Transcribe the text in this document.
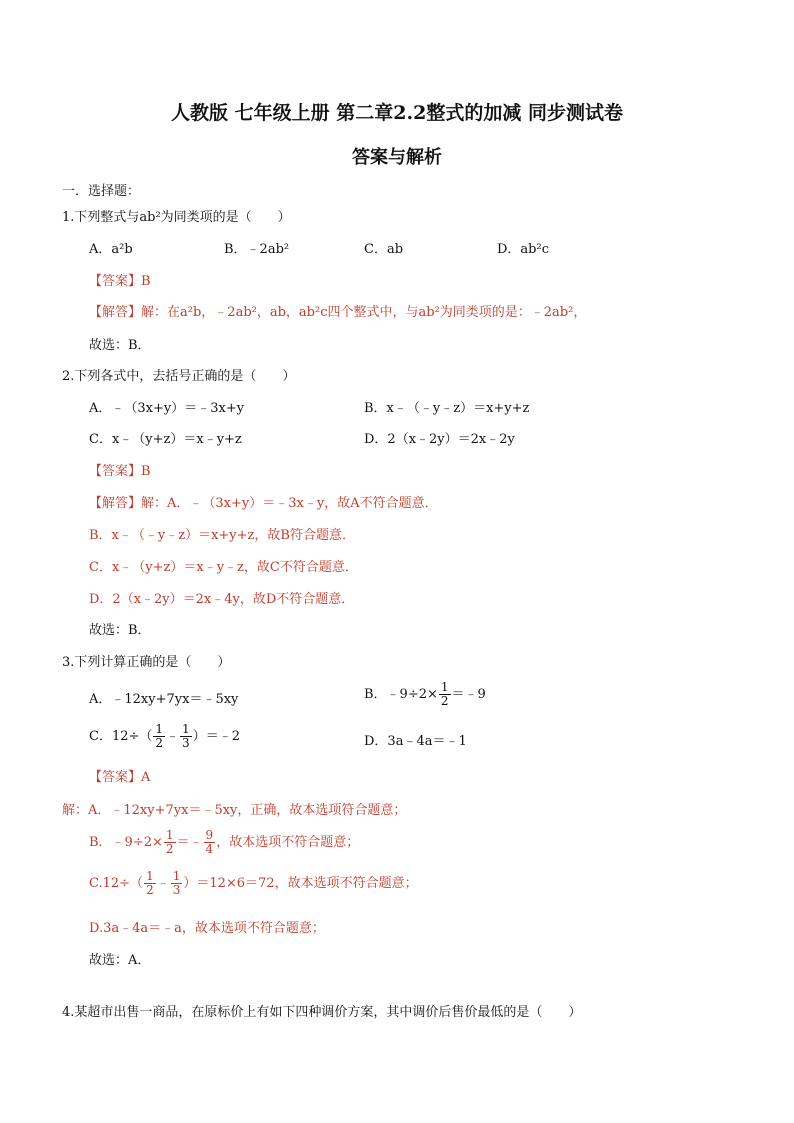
人教版 七年级上册 第二章2.2整式的加减 同步测试卷
答案与解析
一．选择题：
1.下列整式与ab²为同类项的是（　　）
A．a²b	B．﹣2ab²	C．ab	D．ab²c
【答案】B
【解答】解：在a²b，﹣2ab²，ab，ab²c四个整式中，与ab²为同类项的是：﹣2ab²，
故选：B．
2.下列各式中，去括号正确的是（　　）
A．﹣（3x+y）＝﹣3x+y	B．x﹣（﹣y﹣z）＝x+y+z
C．x﹣（y+z）＝x﹣y+z	D．2（x﹣2y）＝2x﹣2y
【答案】B
【解答】解：A．﹣（3x+y）＝﹣3x﹣y，故A不符合题意．
B．x﹣（﹣y﹣z）＝x+y+z，故B符合题意．
C．x﹣（y+z）＝x﹣y﹣z，故C不符合题意．
D．2（x﹣2y）＝2x﹣4y，故D不符合题意．
故选：B．
3.下列计算正确的是（　　）
A．﹣12xy+7yx＝﹣5xy	B．﹣9÷2× $\frac{1}{2}$ ＝﹣9
C．$12\div( \frac{1}{2}$ ﹣ $\frac{1}{3}$ ）＝﹣2	D．3a﹣4a＝﹣1
【答案】A
解：A．﹣12xy+7yx＝﹣5xy，正确，故本选项符合题意；
B．﹣9÷2× $\frac{1}{2}$ ＝﹣ $\frac{9}{4}$ ，故本选项不符合题意；
$C.12\div( \frac{1}{2}$ ﹣ $\frac{1}{3} )=12\times 6=72$，故本选项不符合题意；
D.3a﹣4a＝﹣a，故本选项不符合题意；
故选：A．
4.某超市出售一商品，在原标价上有如下四种调价方案，其中调价后售价最低的是（　　）
